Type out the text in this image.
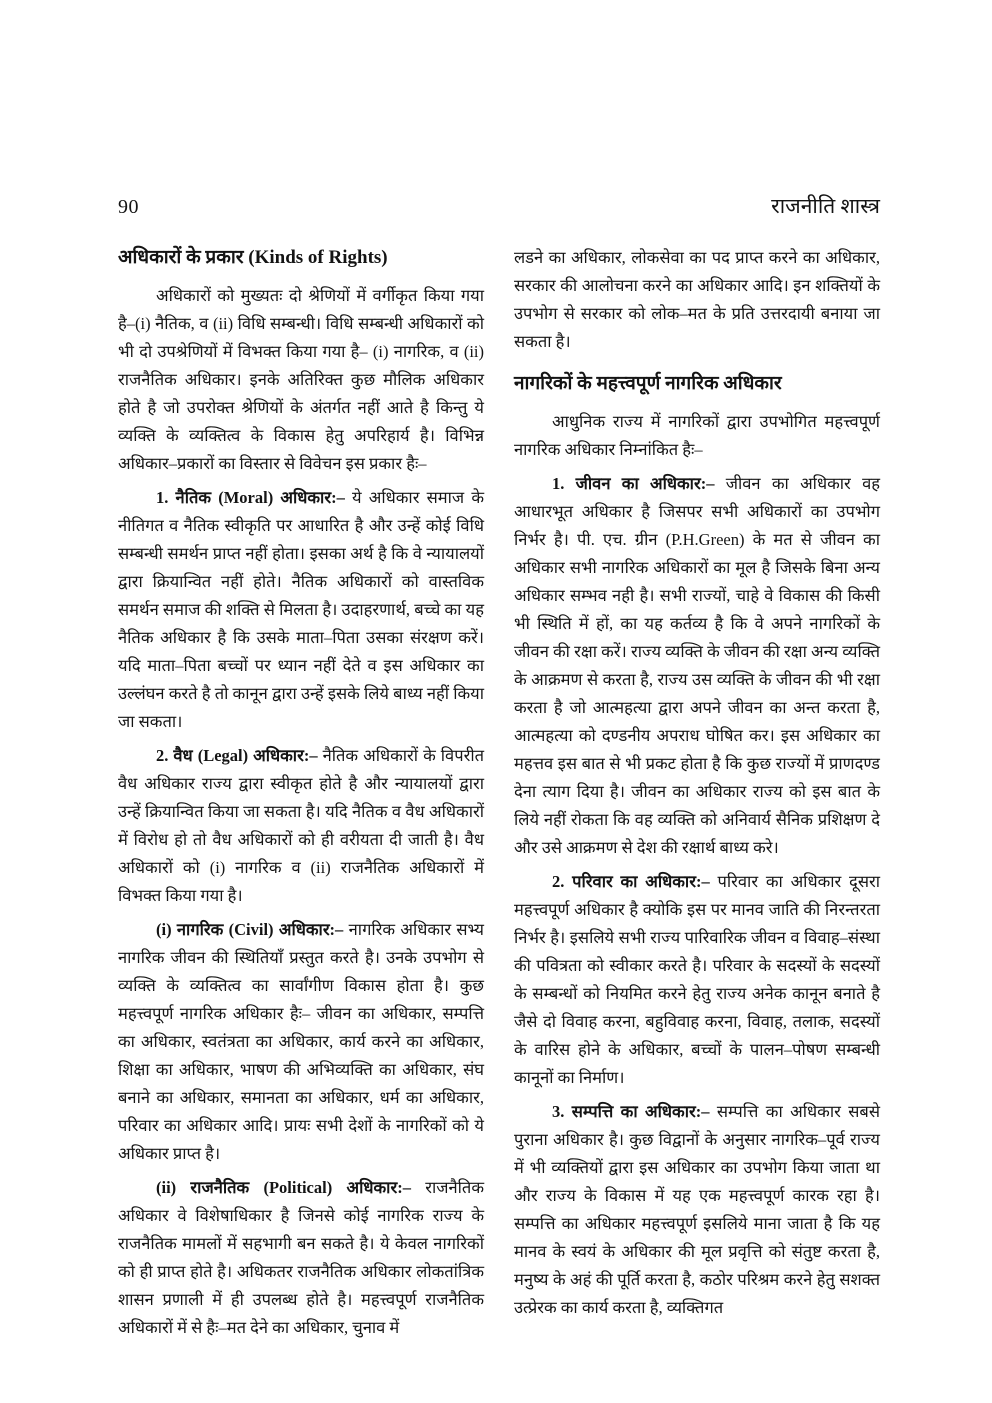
90	राजनीति शास्त्र
अधिकारों के प्रकार (Kinds of Rights)

अधिकारों को मुख्यतः दो श्रेणियों में वर्गीकृत किया गया है–(i) नैतिक, व (ii) विधि सम्बन्धी। विधि सम्बन्धी अधिकारों को भी दो उपश्रेणियों में विभक्त किया गया है– (i) नागरिक, व (ii) राजनैतिक अधिकार। इनके अतिरिक्त कुछ मौलिक अधिकार होते है जो उपरोक्त श्रेणियों के अंतर्गत नहीं आते है किन्तु ये व्यक्ति के व्यक्तित्व के विकास हेतु अपरिहार्य है। विभिन्न अधिकार–प्रकारों का विस्तार से विवेचन इस प्रकार हैः–

1. नैतिक (Moral) अधिकार:– ये अधिकार समाज के नीतिगत व नैतिक स्वीकृति पर आधारित है और उन्हें कोई विधि सम्बन्धी समर्थन प्राप्त नहीं होता। इसका अर्थ है कि वे न्यायालयों द्वारा क्रियान्वित नहीं होते। नैतिक अधिकारों को वास्तविक समर्थन समाज की शक्ति से मिलता है। उदाहरणार्थ, बच्चे का यह नैतिक अधिकार है कि उसके माता–पिता उसका संरक्षण करें। यदि माता–पिता बच्चों पर ध्यान नहीं देते व इस अधिकार का उल्लंघन करते है तो कानून द्वारा उन्हें इसके लिये बाध्य नहीं किया जा सकता।

2. वैध (Legal) अधिकार:– नैतिक अधिकारों के विपरीत वैध अधिकार राज्य द्वारा स्वीकृत होते है और न्यायालयों द्वारा उन्हें क्रियान्वित किया जा सकता है। यदि नैतिक व वैध अधिकारों में विरोध हो तो वैध अधिकारों को ही वरीयता दी जाती है। वैध अधिकारों को (i) नागरिक व (ii) राजनैतिक अधिकारों में विभक्त किया गया है।

(i) नागरिक (Civil) अधिकार:– नागरिक अधिकार सभ्य नागरिक जीवन की स्थितियाँ प्रस्तुत करते है। उनके उपभोग से व्यक्ति के व्यक्तित्व का सार्वांगीण विकास होता है। कुछ महत्त्वपूर्ण नागरिक अधिकार हैः– जीवन का अधिकार, सम्पत्ति का अधिकार, स्वतंत्रता का अधिकार, कार्य करने का अधिकार, शिक्षा का अधिकार, भाषण की अभिव्यक्ति का अधिकार, संघ बनाने का अधिकार, समानता का अधिकार, धर्म का अधिकार, परिवार का अधिकार आदि। प्रायः सभी देशों के नागरिकों को ये अधिकार प्राप्त है।

(ii) राजनैतिक (Political) अधिकार:– राजनैतिक अधिकार वे विशेषाधिकार है जिनसे कोई नागरिक राज्य के राजनैतिक मामलों में सहभागी बन सकते है। ये केवल नागरिकों को ही प्राप्त होते है। अधिकतर राजनैतिक अधिकार लोकतांत्रिक शासन प्रणाली में ही उपलब्ध होते है। महत्त्वपूर्ण राजनैतिक अधिकारों में से हैः–मत देने का अधिकार, चुनाव में

लडने का अधिकार, लोकसेवा का पद प्राप्त करने का अधिकार, सरकार की आलोचना करने का अधिकार आदि। इन शक्तियों के उपभोग से सरकार को लोक–मत के प्रति उत्तरदायी बनाया जा सकता है।

नागरिकों के महत्त्वपूर्ण नागरिक अधिकार

आधुनिक राज्य में नागरिकों द्वारा उपभोगित महत्त्वपूर्ण नागरिक अधिकार निम्नांकित हैः–

1. जीवन का अधिकार:– जीवन का अधिकार वह आधारभूत अधिकार है जिसपर सभी अधिकारों का उपभोग निर्भर है। पी. एच. ग्रीन (P.H.Green) के मत से जीवन का अधिकार सभी नागरिक अधिकारों का मूल है जिसके बिना अन्य अधिकार सम्भव नही है। सभी राज्यों, चाहे वे विकास की किसी भी स्थिति में हों, का यह कर्तव्य है कि वे अपने नागरिकों के जीवन की रक्षा करें। राज्य व्यक्ति के जीवन की रक्षा अन्य व्यक्ति के आक्रमण से करता है, राज्य उस व्यक्ति के जीवन की भी रक्षा करता है जो आत्महत्या द्वारा अपने जीवन का अन्त करता है, आत्महत्या को दण्डनीय अपराध घोषित कर। इस अधिकार का महत्तव इस बात से भी प्रकट होता है कि कुछ राज्यों में प्राणदण्ड देना त्याग दिया है। जीवन का अधिकार राज्य को इस बात के लिये नहीं रोकता कि वह व्यक्ति को अनिवार्य सैनिक प्रशिक्षण दे और उसे आक्रमण से देश की रक्षार्थ बाध्य करे।

2. परिवार का अधिकार:– परिवार का अधिकार दूसरा महत्त्वपूर्ण अधिकार है क्योकि इस पर मानव जाति की निरन्तरता निर्भर है। इसलिये सभी राज्य पारिवारिक जीवन व विवाह–संस्था की पवित्रता को स्वीकार करते है। परिवार के सदस्यों के सदस्यों के सम्बन्धों को नियमित करने हेतु राज्य अनेक कानून बनाते है जैसे दो विवाह करना, बहुविवाह करना, विवाह, तलाक, सदस्यों के वारिस होने के अधिकार, बच्चों के पालन–पोषण सम्बन्धी कानूनों का निर्माण।

3. सम्पत्ति का अधिकार:– सम्पत्ति का अधिकार सबसे पुराना अधिकार है। कुछ विद्वानों के अनुसार नागरिक–पूर्व राज्य में भी व्यक्तियों द्वारा इस अधिकार का उपभोग किया जाता था और राज्य के विकास में यह एक महत्त्वपूर्ण कारक रहा है। सम्पत्ति का अधिकार महत्त्वपूर्ण इसलिये माना जाता है कि यह मानव के स्वयं के अधिकार की मूल प्रवृत्ति को संतुष्ट करता है, मनुष्य के अहं की पूर्ति करता है, कठोर परिश्रम करने हेतु सशक्त उत्प्रेरक का कार्य करता है, व्यक्तिगत
